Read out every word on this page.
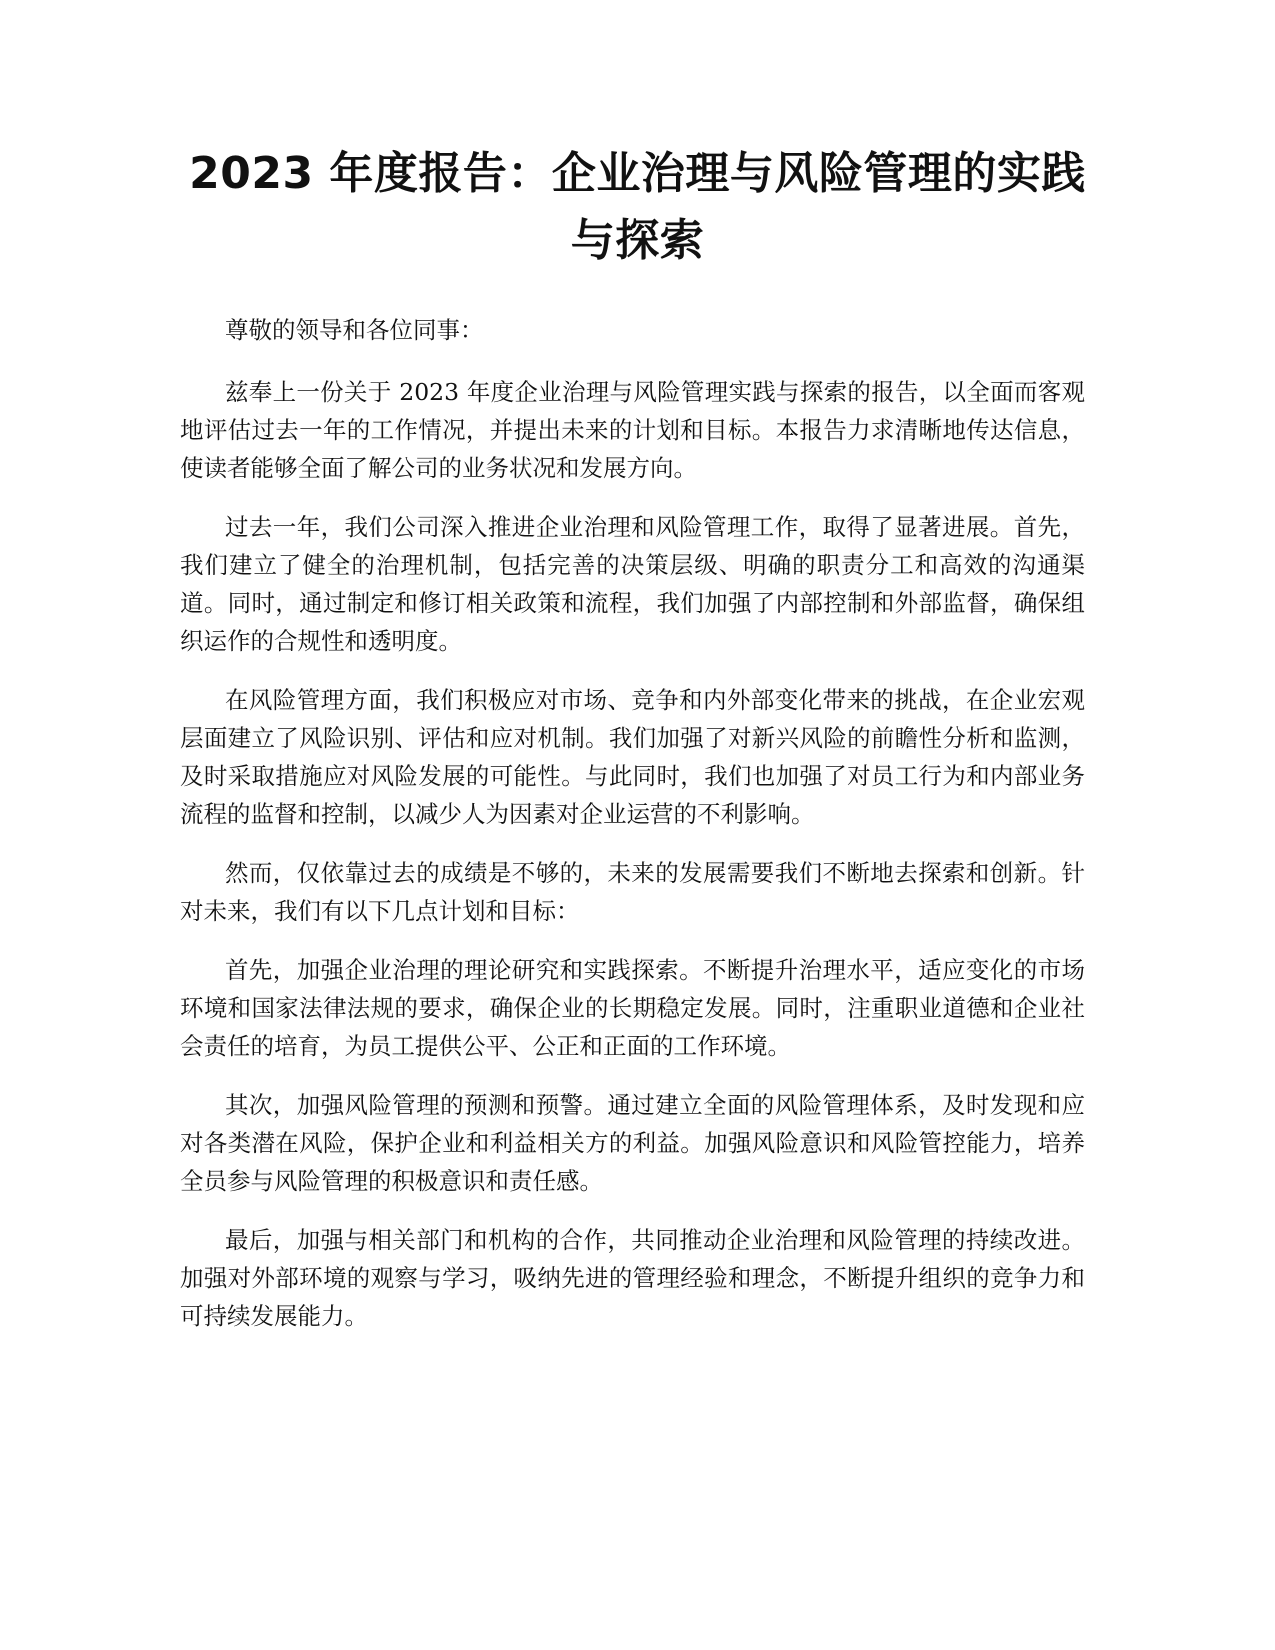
2023 年度报告：企业治理与风险管理的实践与探索

尊敬的领导和各位同事：

兹奉上一份关于 2023 年度企业治理与风险管理实践与探索的报告，以全面而客观地评估过去一年的工作情况，并提出未来的计划和目标。本报告力求清晰地传达信息，使读者能够全面了解公司的业务状况和发展方向。

过去一年，我们公司深入推进企业治理和风险管理工作，取得了显著进展。首先，我们建立了健全的治理机制，包括完善的决策层级、明确的职责分工和高效的沟通渠道。同时，通过制定和修订相关政策和流程，我们加强了内部控制和外部监督，确保组织运作的合规性和透明度。

在风险管理方面，我们积极应对市场、竞争和内外部变化带来的挑战，在企业宏观层面建立了风险识别、评估和应对机制。我们加强了对新兴风险的前瞻性分析和监测，及时采取措施应对风险发展的可能性。与此同时，我们也加强了对员工行为和内部业务流程的监督和控制，以减少人为因素对企业运营的不利影响。

然而，仅依靠过去的成绩是不够的，未来的发展需要我们不断地去探索和创新。针对未来，我们有以下几点计划和目标：

首先，加强企业治理的理论研究和实践探索。不断提升治理水平，适应变化的市场环境和国家法律法规的要求，确保企业的长期稳定发展。同时，注重职业道德和企业社会责任的培育，为员工提供公平、公正和正面的工作环境。

其次，加强风险管理的预测和预警。通过建立全面的风险管理体系，及时发现和应对各类潜在风险，保护企业和利益相关方的利益。加强风险意识和风险管控能力，培养全员参与风险管理的积极意识和责任感。

最后，加强与相关部门和机构的合作，共同推动企业治理和风险管理的持续改进。加强对外部环境的观察与学习，吸纳先进的管理经验和理念，不断提升组织的竞争力和可持续发展能力。
